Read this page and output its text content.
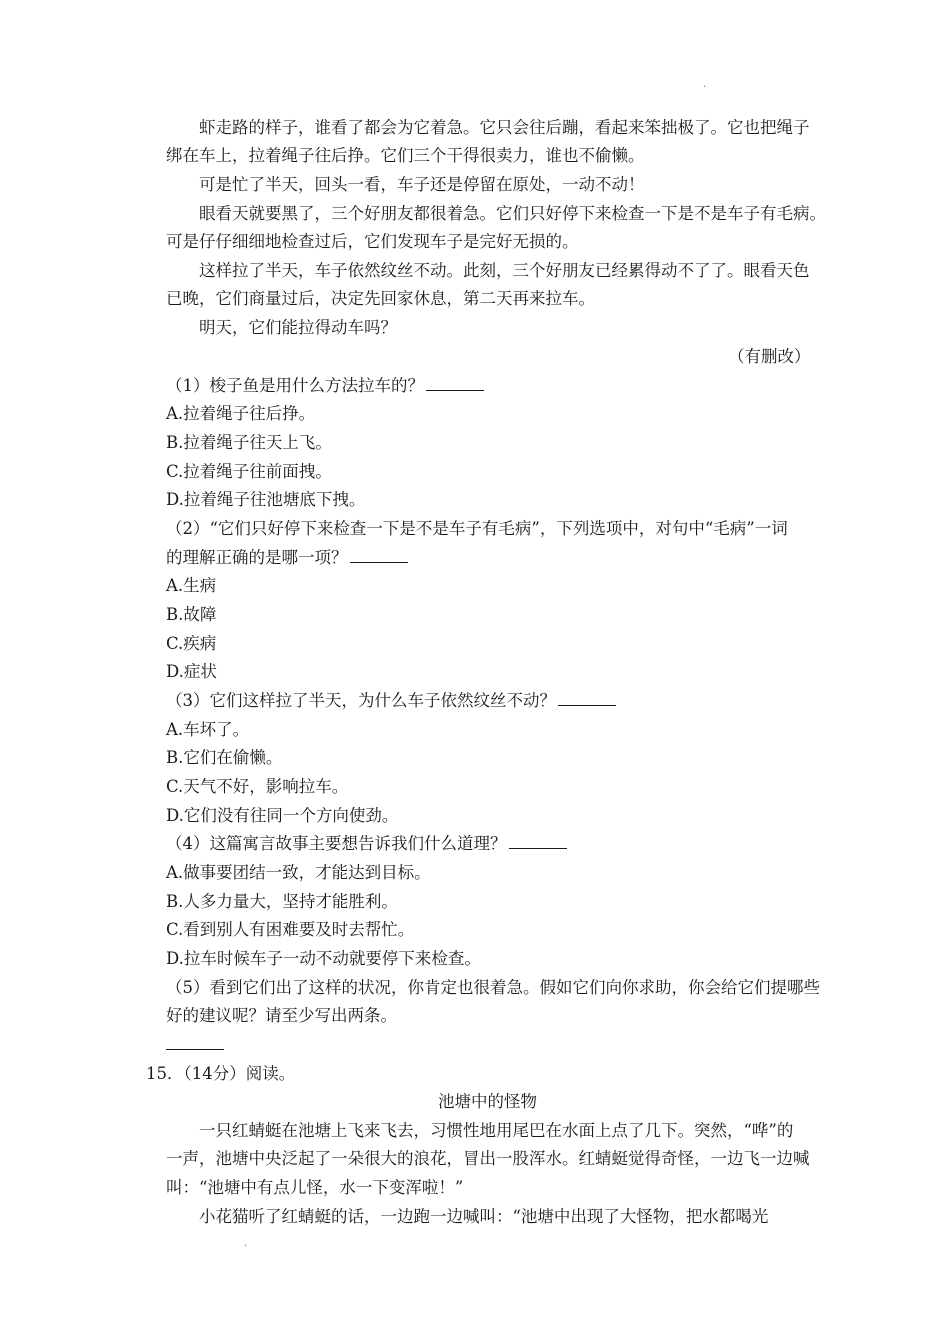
·
虾走路的样子，谁看了都会为它着急。它只会往后蹦，看起来笨拙极了。它也把绳子
绑在车上，拉着绳子往后挣。它们三个干得很卖力，谁也不偷懒。
可是忙了半天，回头一看，车子还是停留在原处，一动不动！
眼看天就要黑了，三个好朋友都很着急。它们只好停下来检查一下是不是车子有毛病。
可是仔仔细细地检查过后，它们发现车子是完好无损的。
这样拉了半天，车子依然纹丝不动。此刻，三个好朋友已经累得动不了了。眼看天色
已晚，它们商量过后，决定先回家休息，第二天再来拉车。
明天，它们能拉得动车吗？
（有删改）
（1）梭子鱼是用什么方法拉车的？
A.拉着绳子往后挣。
B.拉着绳子往天上飞。
C.拉着绳子往前面拽。
D.拉着绳子往池塘底下拽。
（2）“它们只好停下来检查一下是不是车子有毛病”，下列选项中，对句中“毛病”一词
的理解正确的是哪一项？
A.生病
B.故障
C.疾病
D.症状
（3）它们这样拉了半天，为什么车子依然纹丝不动？
A.车坏了。
B.它们在偷懒。
C.天气不好，影响拉车。
D.它们没有往同一个方向使劲。
（4）这篇寓言故事主要想告诉我们什么道理？
A.做事要团结一致，才能达到目标。
B.人多力量大，坚持才能胜利。
C.看到别人有困难要及时去帮忙。
D.拉车时候车子一动不动就要停下来检查。
（5）看到它们出了这样的状况，你肯定也很着急。假如它们向你求助，你会给它们提哪些
好的建议呢？请至少写出两条。
15．（14分）阅读。
池塘中的怪物
一只红蜻蜓在池塘上飞来飞去，习惯性地用尾巴在水面上点了几下。突然，“哗”的
一声，池塘中央泛起了一朵很大的浪花，冒出一股浑水。红蜻蜓觉得奇怪，一边飞一边喊
叫：“池塘中有点儿怪，水一下变浑啦！”
小花猫听了红蜻蜓的话，一边跑一边喊叫：“池塘中出现了大怪物，把水都喝光
·
